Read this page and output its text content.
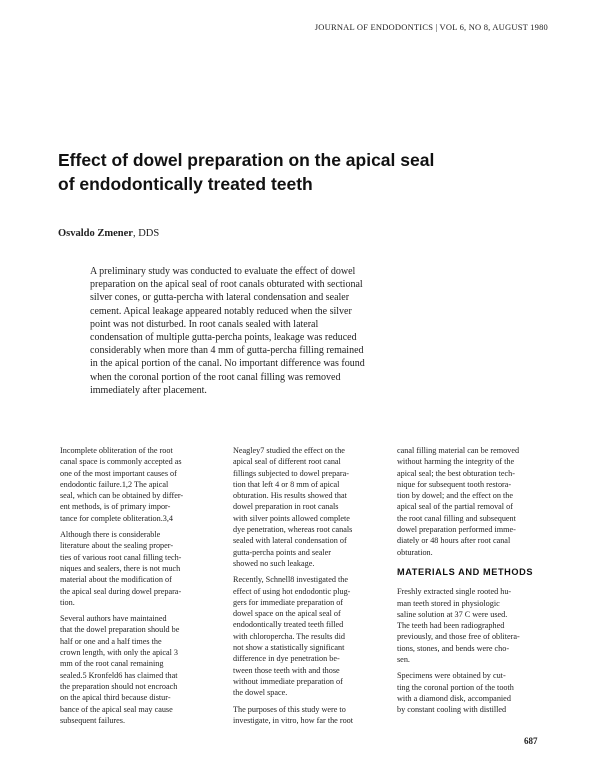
JOURNAL OF ENDODONTICS | VOL 6, NO 8, AUGUST 1980
Effect of dowel preparation on the apical seal
of endodontically treated teeth
Osvaldo Zmener, DDS
A preliminary study was conducted to evaluate the effect of dowel
preparation on the apical seal of root canals obturated with sectional
silver cones, or gutta-percha with lateral condensation and sealer
cement. Apical leakage appeared notably reduced when the silver
point was not disturbed. In root canals sealed with lateral
condensation of multiple gutta-percha points, leakage was reduced
considerably when more than 4 mm of gutta-percha filling remained
in the apical portion of the canal. No important difference was found
when the coronal portion of the root canal filling was removed
immediately after placement.
Incomplete obliteration of the root
canal space is commonly accepted as
one of the most important causes of
endodontic failure.1,2 The apical
seal, which can be obtained by differ-
ent methods, is of primary impor-
tance for complete obliteration.3,4
Although there is considerable
literature about the sealing proper-
ties of various root canal filling tech-
niques and sealers, there is not much
material about the modification of
the apical seal during dowel prepara-
tion.
Several authors have maintained
that the dowel preparation should be
half or one and a half times the
crown length, with only the apical 3
mm of the root canal remaining
sealed.5 Kronfeld6 has claimed that
the preparation should not encroach
on the apical third because distur-
bance of the apical seal may cause
subsequent failures.
Neagley7 studied the effect on the
apical seal of different root canal
fillings subjected to dowel prepara-
tion that left 4 or 8 mm of apical
obturation. His results showed that
dowel preparation in root canals
with silver points allowed complete
dye penetration, whereas root canals
sealed with lateral condensation of
gutta-percha points and sealer
showed no such leakage.
Recently, Schnell8 investigated the
effect of using hot endodontic plug-
gers for immediate preparation of
dowel space on the apical seal of
endodontically treated teeth filled
with chloropercha. The results did
not show a statistically significant
difference in dye penetration be-
tween those teeth with and those
without immediate preparation of
the dowel space.
The purposes of this study were to
investigate, in vitro, how far the root
canal filling material can be removed
without harming the integrity of the
apical seal; the best obturation tech-
nique for subsequent tooth restora-
tion by dowel; and the effect on the
apical seal of the partial removal of
the root canal filling and subsequent
dowel preparation performed imme-
diately or 48 hours after root canal
obturation.
MATERIALS AND METHODS
Freshly extracted single rooted hu-
man teeth stored in physiologic
saline solution at 37 C were used.
The teeth had been radiographed
previously, and those free of oblitera-
tions, stones, and bends were cho-
sen.
Specimens were obtained by cut-
ting the coronal portion of the tooth
with a diamond disk, accompanied
by constant cooling with distilled
687
